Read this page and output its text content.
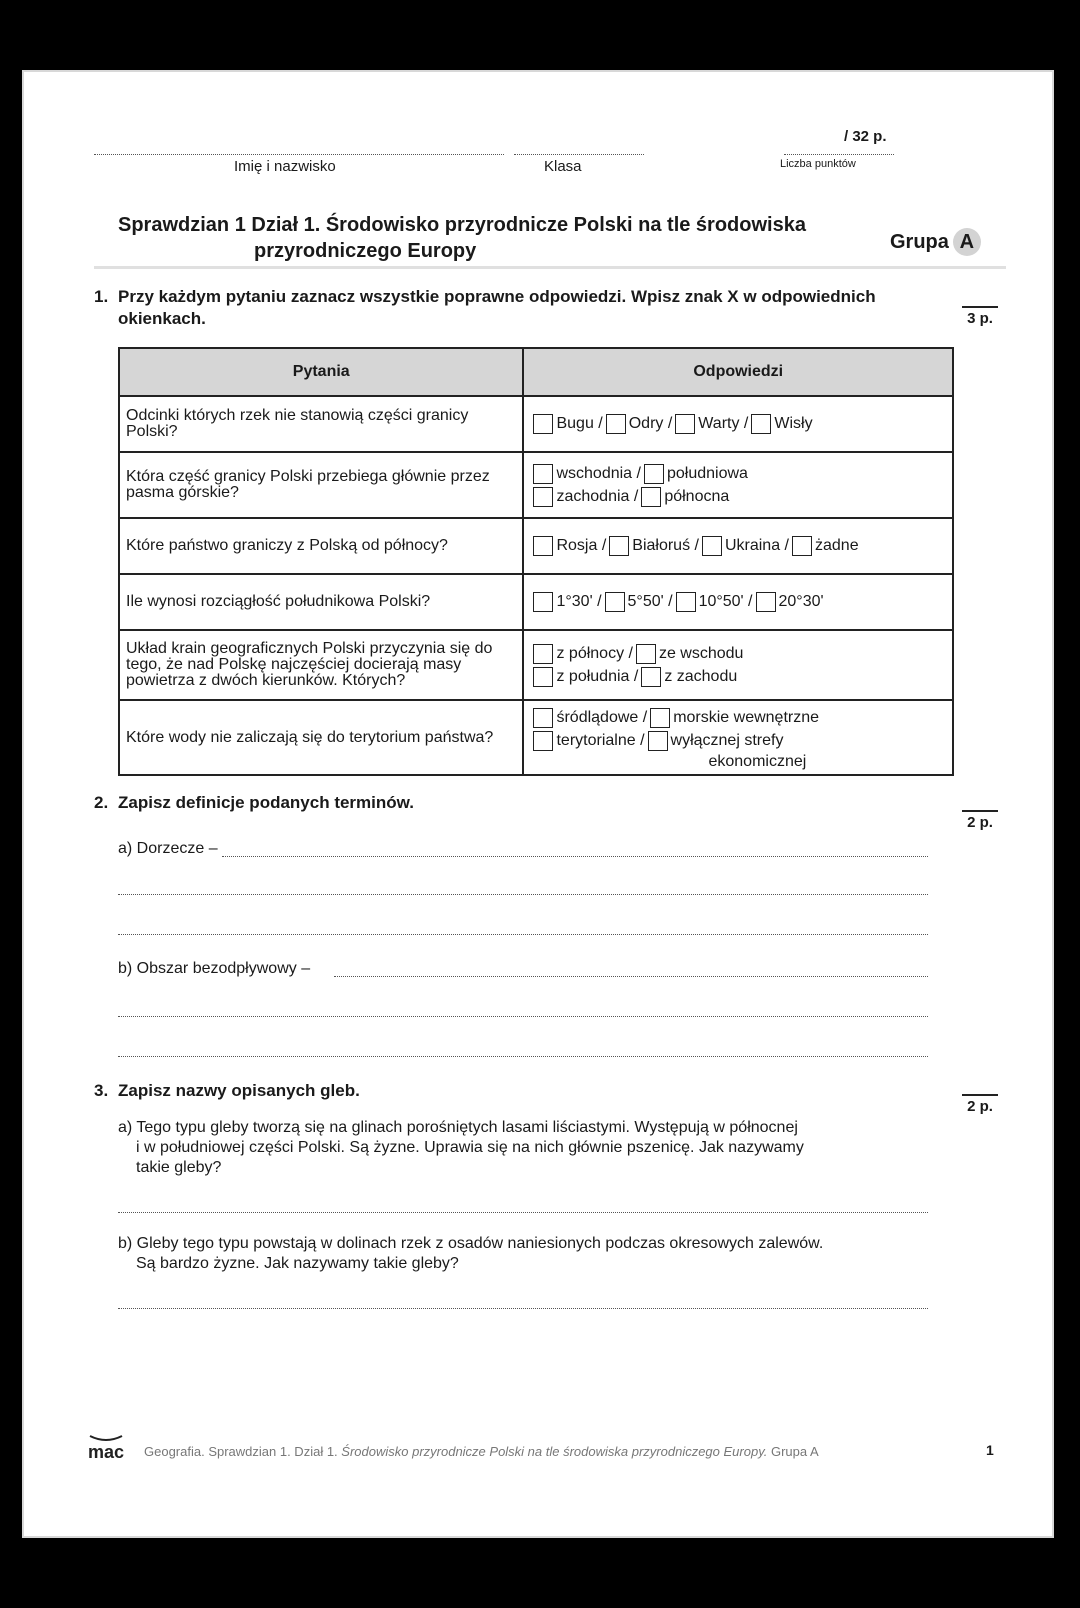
/ 32 p.
Imię i nazwisko	Klasa	Liczba punktów
Sprawdzian 1 Dział 1. Środowisko przyrodnicze Polski na tle środowiska
przyrodniczego Europy	Grupa A
1. Przy każdym pytaniu zaznacz wszystkie poprawne odpowiedzi. Wpisz znak X w odpowiednich
okienkach.	3 p.
Pytania	Odpowiedzi
Odcinki których rzek nie stanowią części granicy Polski?	Bugu / Odry / Warty / Wisły

Która część granicy Polski przebiega głównie przez pasma górskie?	wschodnia / południowa
zachodnia / północna

Które państwo graniczy z Polską od północy?	Rosja / Białoruś / Ukraina / żadne

Ile wynosi rozciągłość południkowa Polski?	1°30' / 5°50' / 10°50' / 20°30'

Układ krain geograficznych Polski przyczynia się do tego, że nad Polskę najczęściej docierają masy powietrza z dwóch kierunków. Których?	z północy / ze wschodu
z południa / z zachodu

Które wody nie zaliczają się do terytorium państwa?	śródlądowe / morskie wewnętrzne
terytorialne / wyłącznej strefy
ekonomicznej
2. Zapisz definicje podanych terminów.
2 p.
a) Dorzecze –
b) Obszar bezodpływowy –
3. Zapisz nazwy opisanych gleb.
2 p.
a) Tego typu gleby tworzą się na glinach porośniętych lasami liściastymi. Występują w północnej
i w południowej części Polski. Są żyzne. Uprawia się na nich głównie pszenicę. Jak nazywamy
takie gleby?
b) Gleby tego typu powstają w dolinach rzek z osadów naniesionych podczas okresowych zalewów.
Są bardzo żyzne. Jak nazywamy takie gleby?
mac Geografia. Sprawdzian 1. Dział 1. Środowisko przyrodnicze Polski na tle środowiska przyrodniczego Europy. Grupa A	1
